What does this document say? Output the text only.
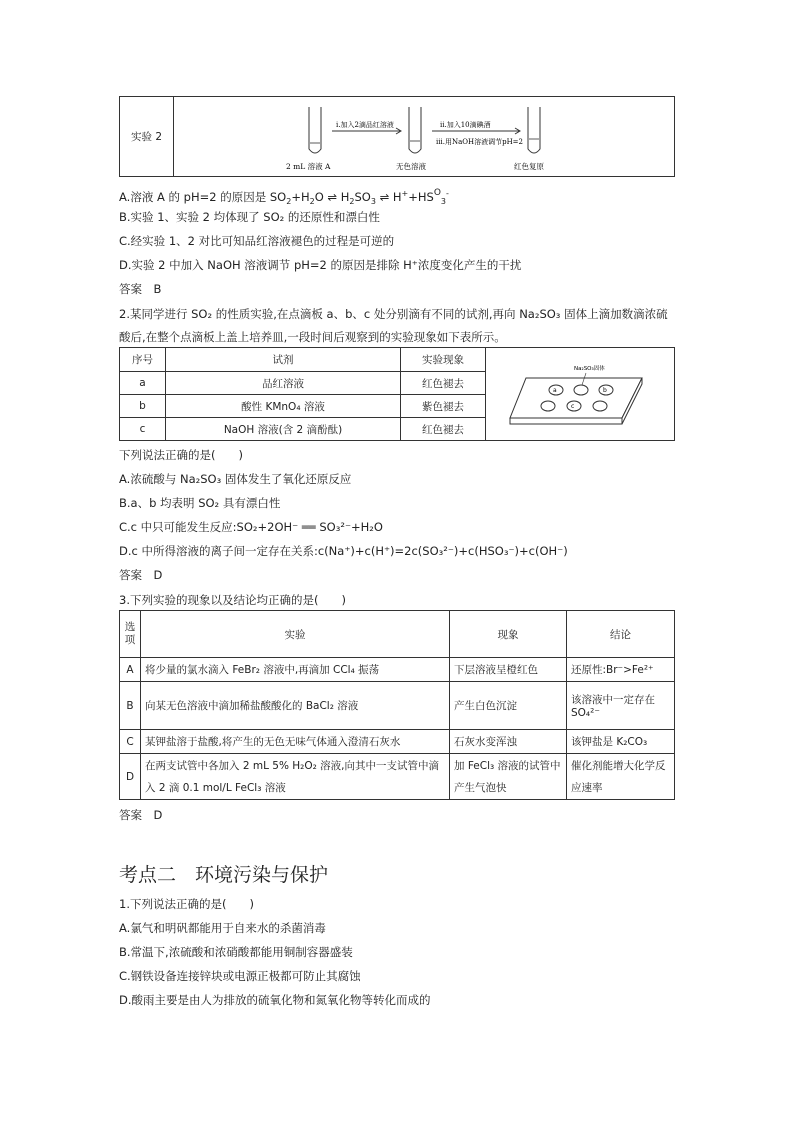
实验 2	
ⅰ.加入2滴品红溶液	ⅱ.加入10滴碘酒
ⅲ.用NaOH溶液调节pH=2
2 mL 溶液 A	无色溶液	红色复原
A.溶液 A 的 pH=2 的原因是 $SO_2+H_2O$ ⇌ $H_2SO_3$ ⇌ $H^++HS^O_3^-$
B.实验 1、实验 2 均体现了 SO₂ 的还原性和漂白性
C.经实验 1、2 对比可知品红溶液褪色的过程是可逆的
D.实验 2 中加入 NaOH 溶液调节 pH=2 的原因是排除 H⁺浓度变化产生的干扰
答案　B
2.某同学进行 SO₂ 的性质实验,在点滴板 a、b、c 处分别滴有不同的试剂,再向 Na₂SO₃ 固体上滴加数滴浓硫
酸后,在整个点滴板上盖上培养皿,一段时间后观察到的实验现象如下表所示。
序号	试剂	实验现象	a b
c
Na₂SO₃固体

a	品红溶液	红色褪去	
b	酸性 KMnO₄ 溶液	紫色褪去	
c	NaOH 溶液(含 2 滴酚酞)	红色褪去	
下列说法正确的是(　　)
A.浓硫酸与 Na₂SO₃ 固体发生了氧化还原反应
B.a、b 均表明 SO₂ 具有漂白性
C.c 中只可能发生反应:SO₂+2OH⁻ ══ SO₃²⁻+H₂O
D.c 中所得溶液的离子间一定存在关系:c(Na⁺)+c(H⁺)=2c(SO₃²⁻)+c(HSO₃⁻)+c(OH⁻)
答案　D
3.下列实验的现象以及结论均正确的是(　　)
选项	实验	现象	结论
A	将少量的氯水滴入 FeBr₂ 溶液中,再滴加 CCl₄ 振荡	下层溶液呈橙红色	还原性:Br⁻>Fe²⁺
B	向某无色溶液中滴加稀盐酸酸化的 BaCl₂ 溶液	产生白色沉淀	该溶液中一定存在 SO₄²⁻
C	某钾盐溶于盐酸,将产生的无色无味气体通入澄清石灰水	石灰水变浑浊	该钾盐是 K₂CO₃
D	在两支试管中各加入 2 mL 5% H₂O₂ 溶液,向其中一支试管中滴入 2 滴 0.1 mol/L FeCl₃ 溶液	加 FeCl₃ 溶液的试管中产生气泡快	催化剂能增大化学反应速率
答案　D
考点二　环境污染与保护
1.下列说法正确的是(　　)
A.氯气和明矾都能用于自来水的杀菌消毒
B.常温下,浓硫酸和浓硝酸都能用铜制容器盛装
C.钢铁设备连接锌块或电源正极都可防止其腐蚀
D.酸雨主要是由人为排放的硫氧化物和氮氧化物等转化而成的
